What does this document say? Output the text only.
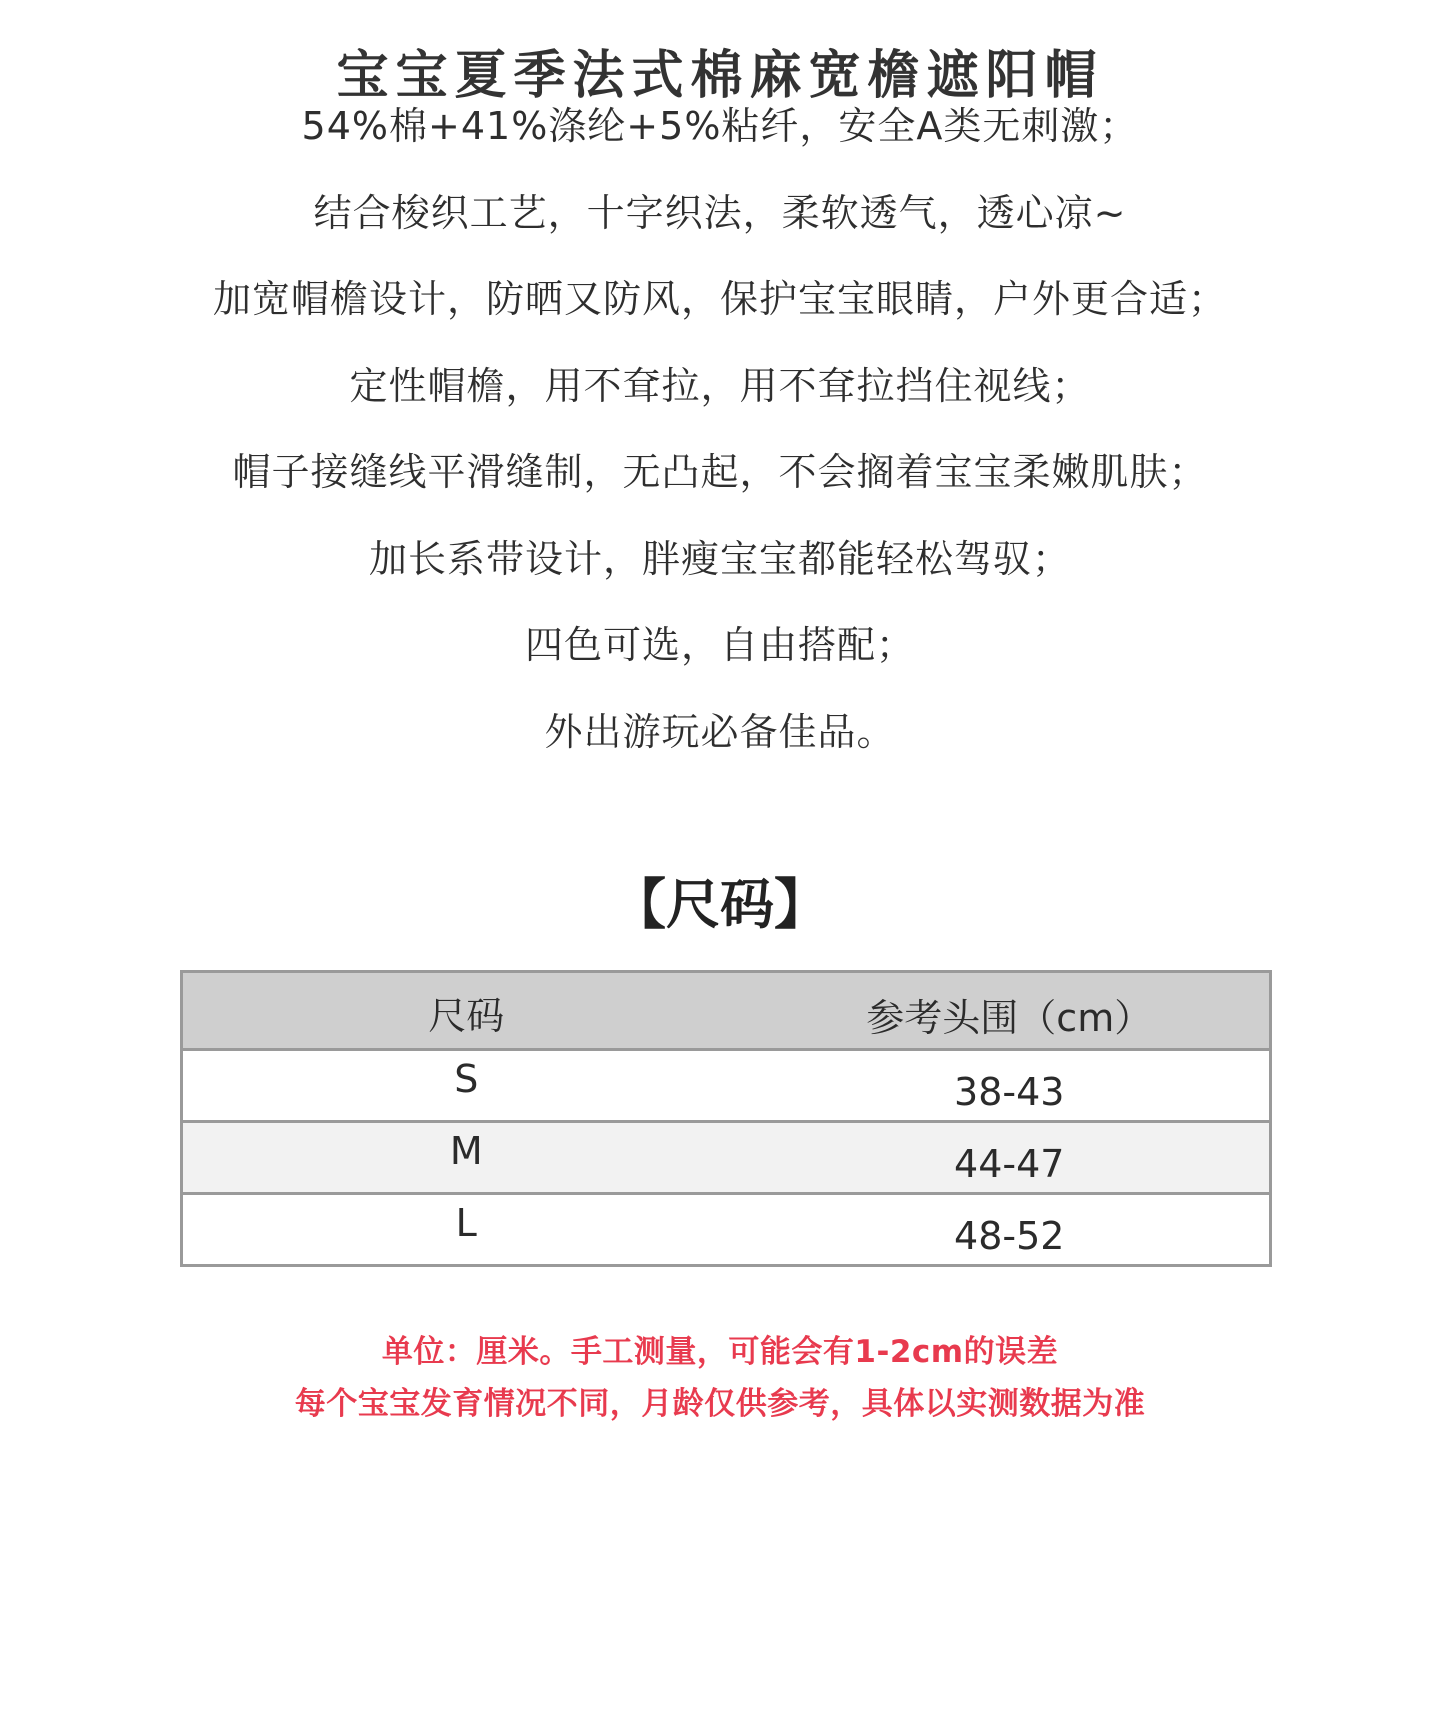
宝宝夏季法式棉麻宽檐遮阳帽
54%棉+41%涤纶+5%粘纤，安全A类无刺激；
结合梭织工艺，十字织法，柔软透气，透心凉~
加宽帽檐设计，防晒又防风，保护宝宝眼睛，户外更合适；
定性帽檐，用不耷拉，用不耷拉挡住视线；
帽子接缝线平滑缝制，无凸起，不会搁着宝宝柔嫩肌肤；
加长系带设计，胖瘦宝宝都能轻松驾驭；
四色可选，自由搭配；
外出游玩必备佳品。
【尺码】
尺码	参考头围（cm）
S	38-43
M	44-47
L	48-52
单位：厘米。手工测量，可能会有1-2cm的误差
每个宝宝发育情况不同，月龄仅供参考，具体以实测数据为准
